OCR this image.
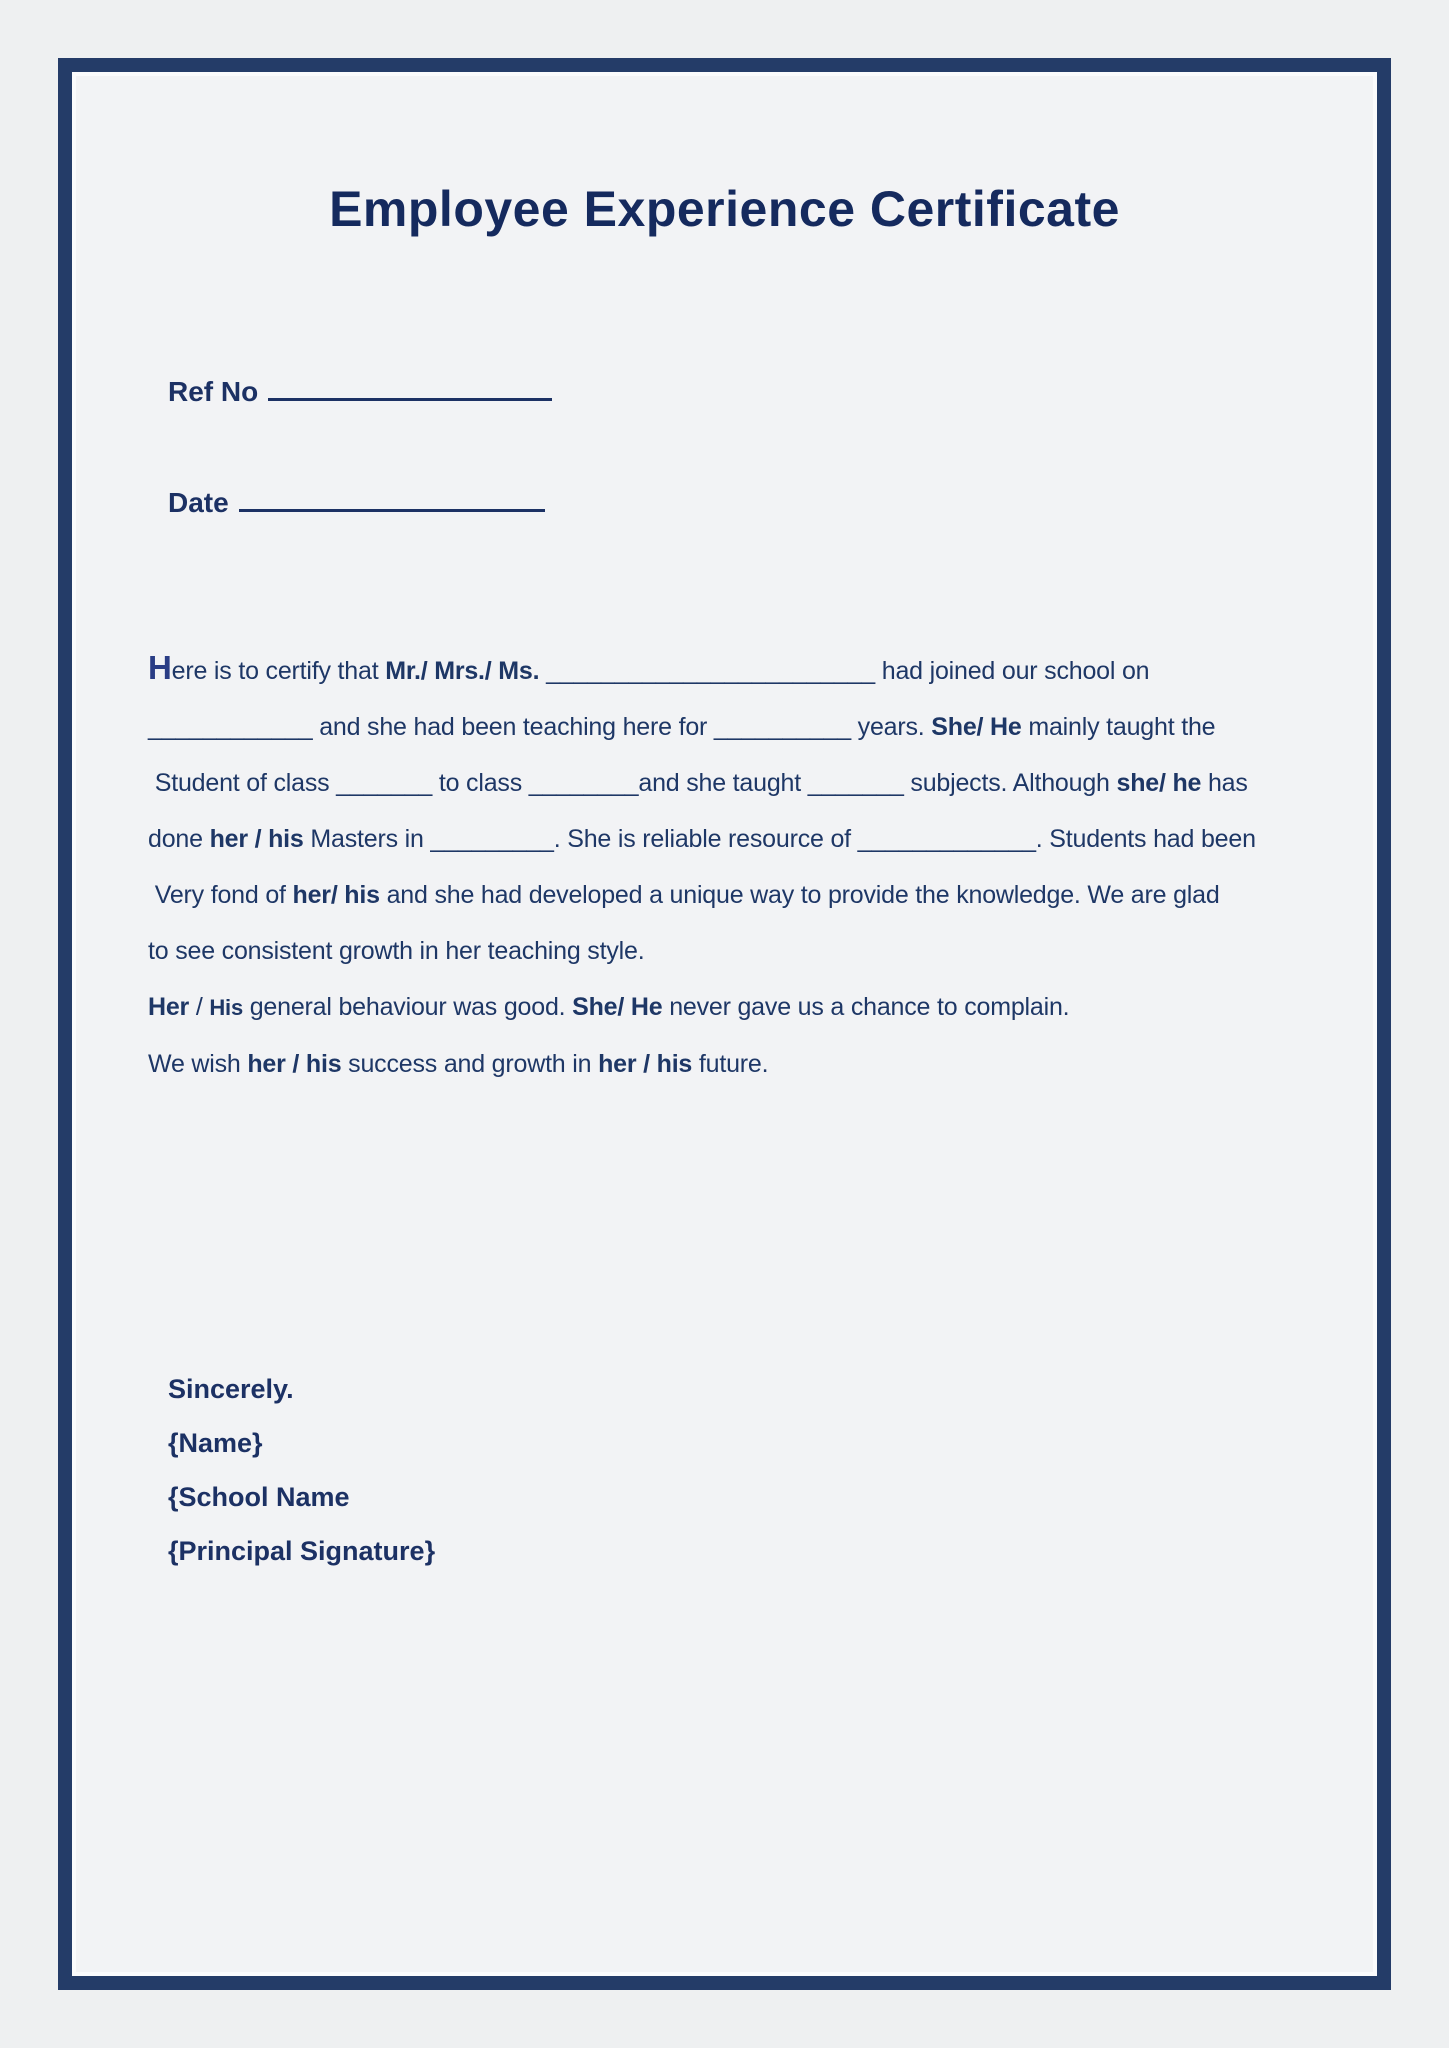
Employee Experience Certificate
Ref No
Date
Here is to certify that Mr./ Mrs./ Ms. ________________________ had joined our school on
____________ and she had been teaching here for __________ years. She/ He mainly taught the
Student of class _______ to class ________and she taught _______ subjects. Although she/ he has
done her / his Masters in _________. She is reliable resource of _____________. Students had been
Very fond of her/ his and she had developed a unique way to provide the knowledge. We are glad
to see consistent growth in her teaching style.
Her / His general behaviour was good. She/ He never gave us a chance to complain.
We wish her / his success and growth in her / his future.
Sincerely.
{Name}
{School Name
{Principal Signature}
